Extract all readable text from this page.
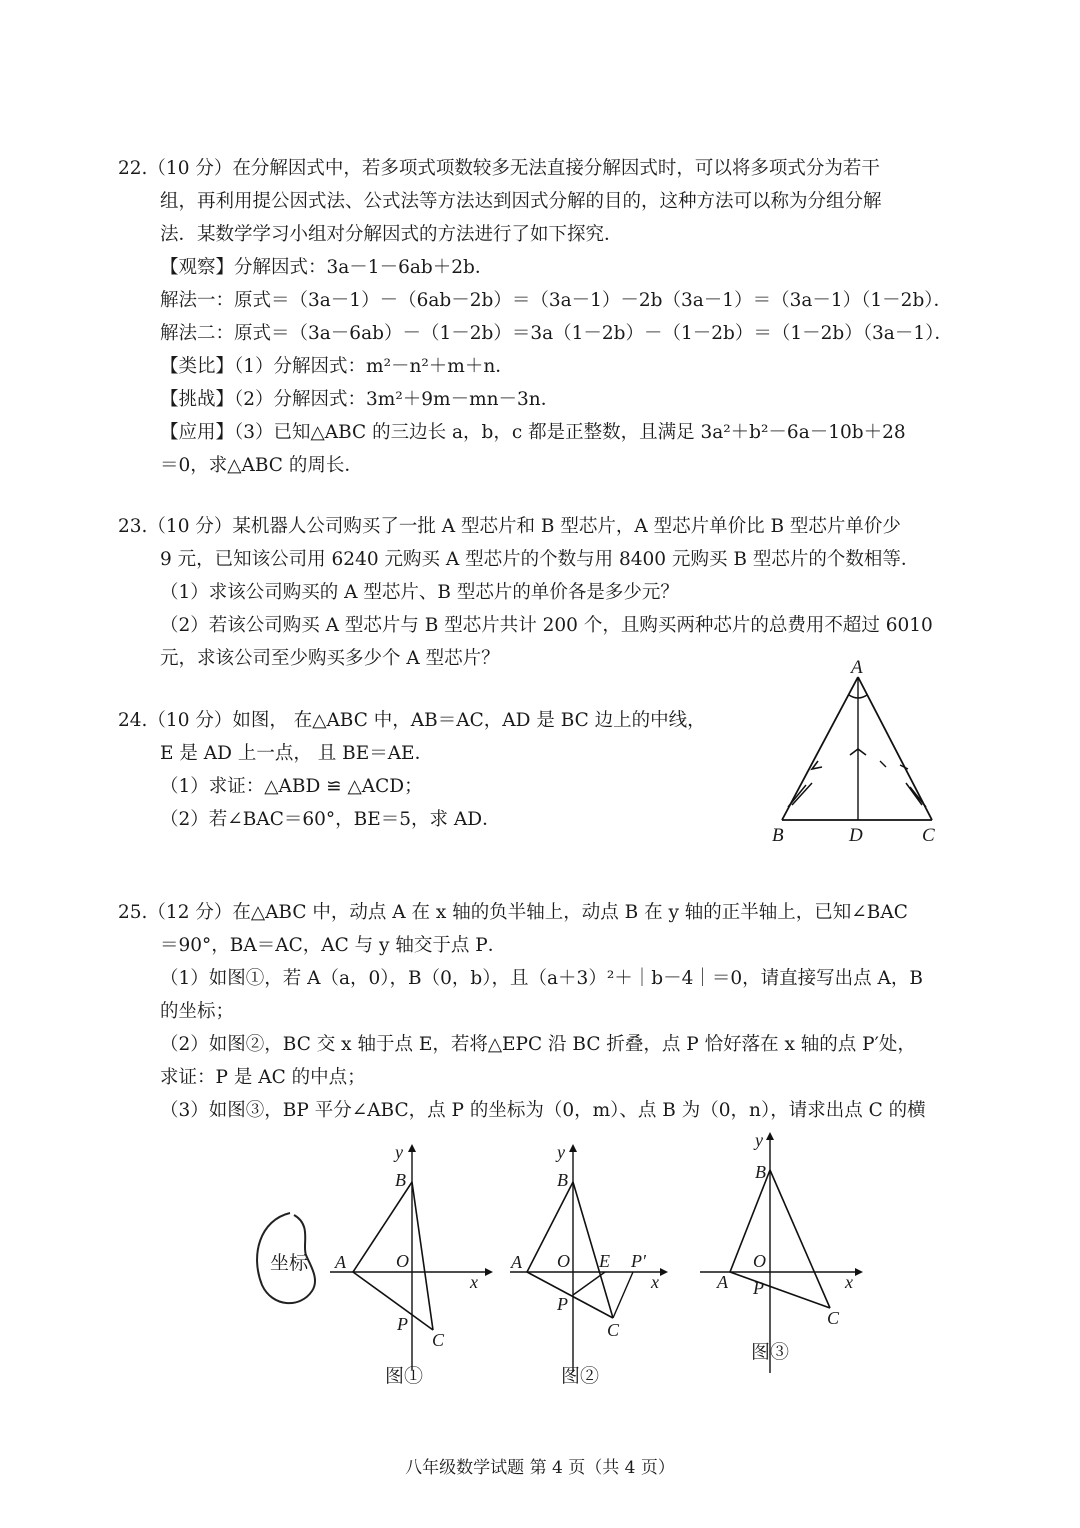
22.（10 分）在分解因式中，若多项式项数较多无法直接分解因式时，可以将多项式分为若干
组，再利用提公因式法、公式法等方法达到因式分解的目的，这种方法可以称为分组分解
法．某数学学习小组对分解因式的方法进行了如下探究．
【观察】分解因式：3a－1－6ab＋2b．
解法一：原式＝（3a－1）－（6ab－2b）＝（3a－1）－2b（3a－1）＝（3a－1）（1－2b）．
解法二：原式＝（3a－6ab）－（1－2b）＝3a（1－2b）－（1－2b）＝（1－2b）（3a－1）．
【类比】（1）分解因式：m²－n²＋m＋n．
【挑战】（2）分解因式：3m²＋9m－mn－3n．
【应用】（3）已知△ABC 的三边长 a，b，c 都是正整数，且满足 3a²＋b²－6a－10b＋28
＝0，求△ABC 的周长．
23.（10 分）某机器人公司购买了一批 A 型芯片和 B 型芯片，A 型芯片单价比 B 型芯片单价少
9 元，已知该公司用 6240 元购买 A 型芯片的个数与用 8400 元购买 B 型芯片的个数相等．
（1）求该公司购买的 A 型芯片、B 型芯片的单价各是多少元？
（2）若该公司购买 A 型芯片与 B 型芯片共计 200 个，且购买两种芯片的总费用不超过 6010
元，求该公司至少购买多少个 A 型芯片？
24.（10 分）如图， 在△ABC 中，AB＝AC，AD 是 BC 边上的中线，
E 是 AD 上一点， 且 BE＝AE．
（1）求证：△ABD ≌ △ACD；
（2）若∠BAC＝60°，BE＝5，求 AD．
A
B	D	C
25.（12 分）在△ABC 中，动点 A 在 x 轴的负半轴上，动点 B 在 y 轴的正半轴上，已知∠BAC
＝90°，BA＝AC，AC 与 y 轴交于点 P．
（1）如图①，若 A（a，0），B（0，b），且（a＋3）²＋｜b－4｜＝0，请直接写出点 A，B
的坐标；
（2）如图②，BC 交 x 轴于点 E，若将△EPC 沿 BC 折叠，点 P 恰好落在 x 轴的点 P′处，
求证：P 是 AC 的中点；
（3）如图③，BP 平分∠ABC，点 P 的坐标为（0，m）、点 B 为（0，n），请求出点 C 的横
坐标
y
B
A	O
x
P
C
图①
y
B
A O E P′
x
P
C
图②
y
B
O
A P	x
C
图③
八年级数学试题 第 4 页（共 4 页）
